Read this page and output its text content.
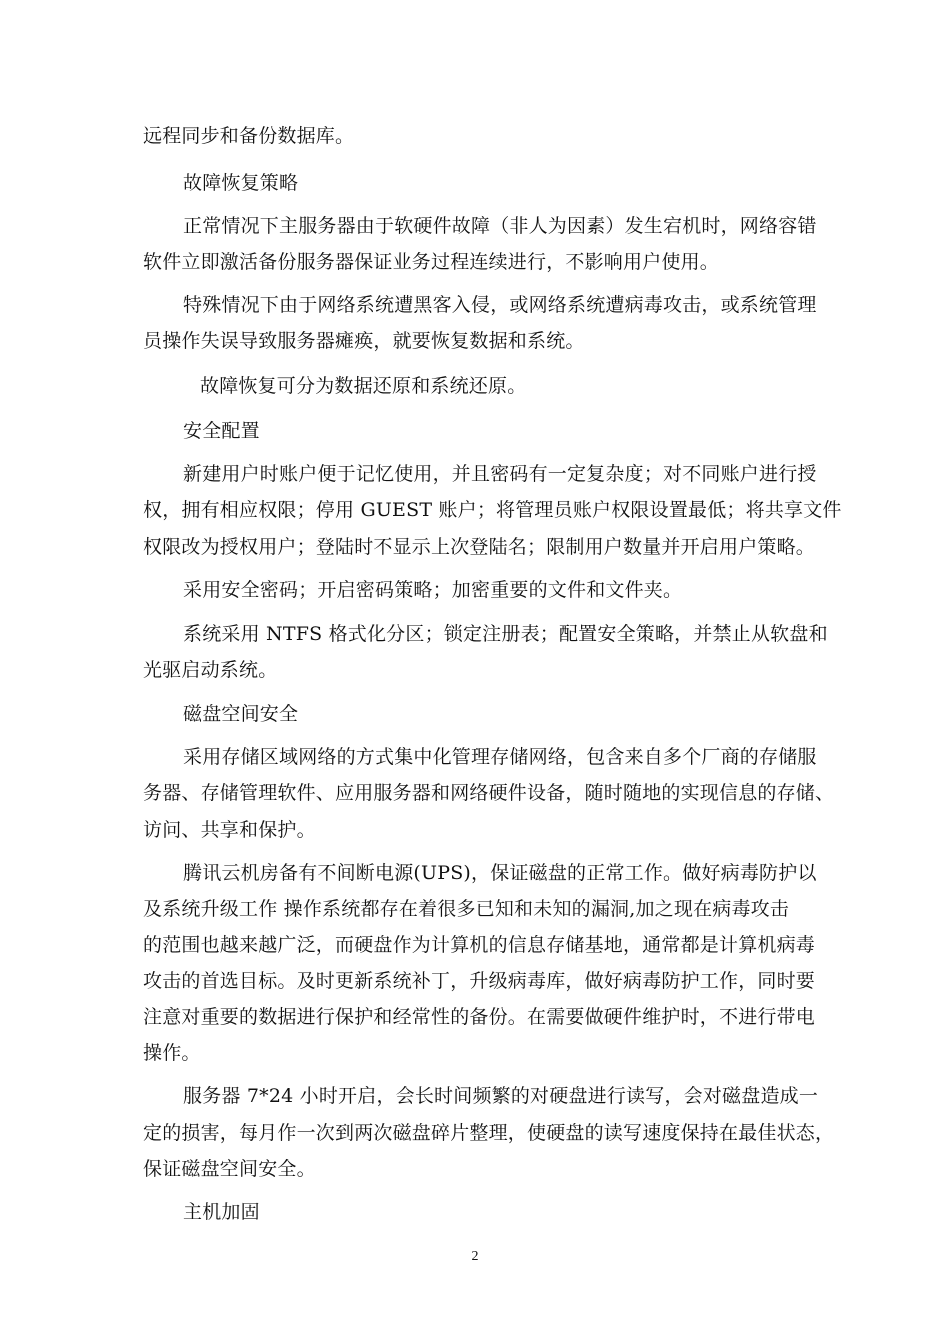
远程同步和备份数据库。

故障恢复策略

正常情况下主服务器由于软硬件故障（非人为因素）发生宕机时，网络容错

软件立即激活备份服务器保证业务过程连续进行，不影响用户使用。

特殊情况下由于网络系统遭黑客入侵，或网络系统遭病毒攻击，或系统管理

员操作失误导致服务器瘫痪，就要恢复数据和系统。

故障恢复可分为数据还原和系统还原。

安全配置

新建用户时账户便于记忆使用，并且密码有一定复杂度；对不同账户进行授

权，拥有相应权限；停用 GUEST 账户；将管理员账户权限设置最低；将共享文件

权限改为授权用户；登陆时不显示上次登陆名；限制用户数量并开启用户策略。

采用安全密码；开启密码策略；加密重要的文件和文件夹。

系统采用 NTFS 格式化分区；锁定注册表；配置安全策略，并禁止从软盘和

光驱启动系统。

磁盘空间安全

采用存储区域网络的方式集中化管理存储网络，包含来自多个厂商的存储服

务器、存储管理软件、应用服务器和网络硬件设备，随时随地的实现信息的存储、

访问、共享和保护。

腾讯云机房备有不间断电源(UPS)，保证磁盘的正常工作。做好病毒防护以

及系统升级工作 操作系统都存在着很多已知和未知的漏洞,加之现在病毒攻击

的范围也越来越广泛，而硬盘作为计算机的信息存储基地，通常都是计算机病毒

攻击的首选目标。及时更新系统补丁，升级病毒库，做好病毒防护工作，同时要

注意对重要的数据进行保护和经常性的备份。在需要做硬件维护时，不进行带电

操作。

服务器 7*24 小时开启，会长时间频繁的对硬盘进行读写，会对磁盘造成一

定的损害，每月作一次到两次磁盘碎片整理，使硬盘的读写速度保持在最佳状态，

保证磁盘空间安全。

主机加固

2
